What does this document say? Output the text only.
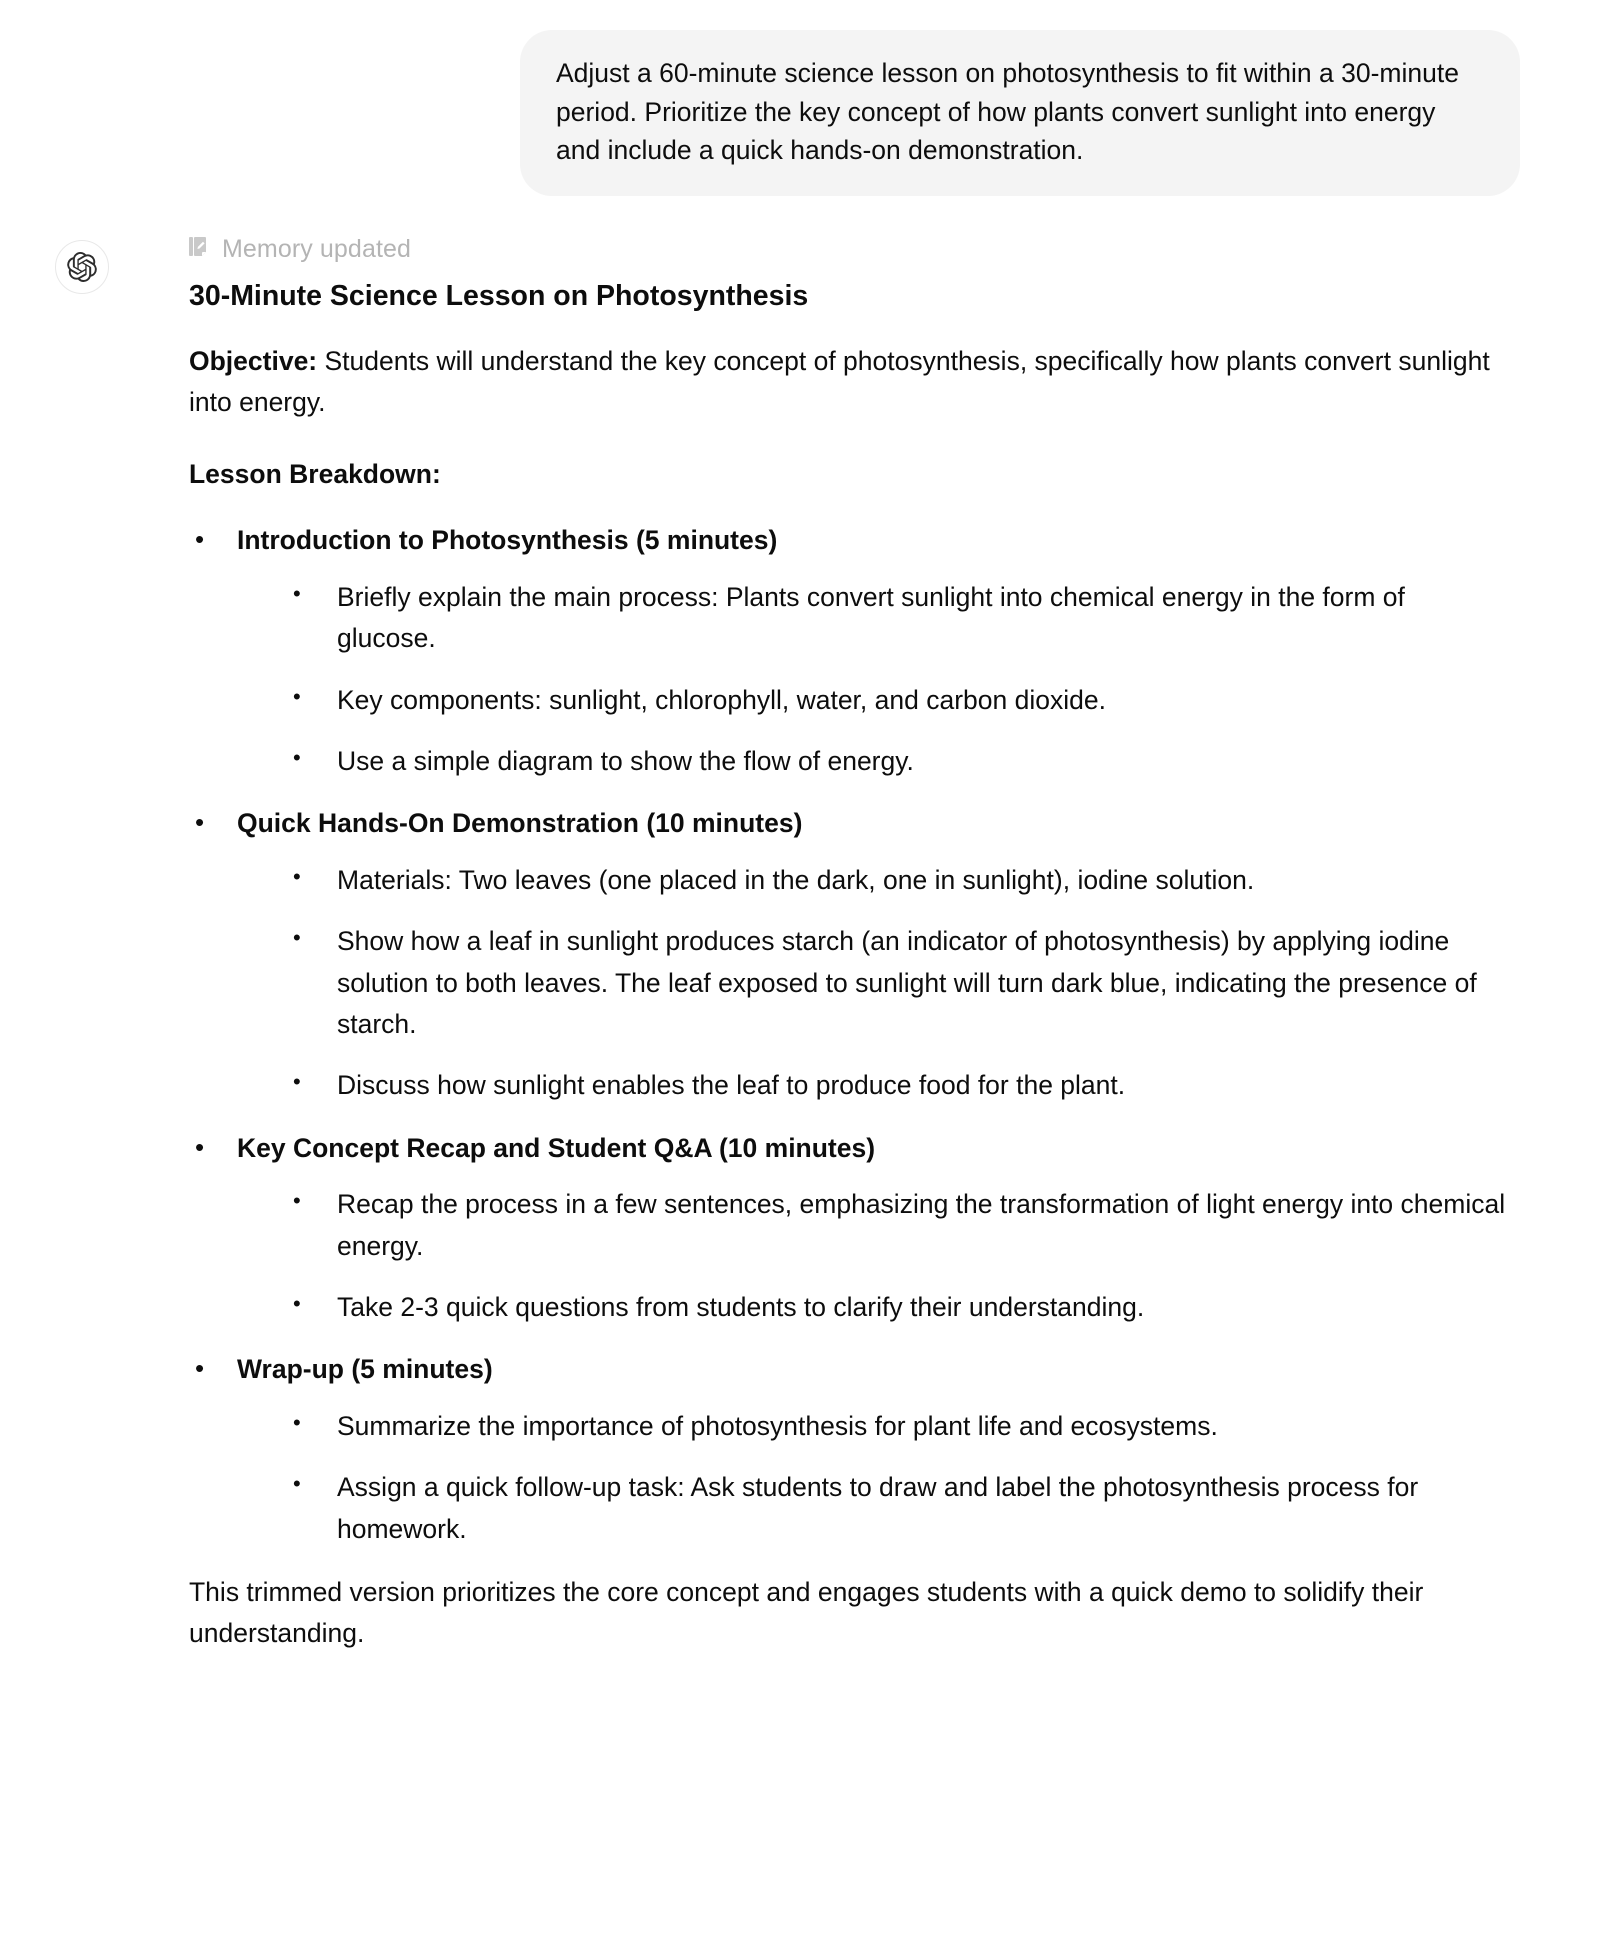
Adjust a 60-minute science lesson on photosynthesis to fit within a 30-minute period. Prioritize the key concept of how plants convert sunlight into energy and include a quick hands-on demonstration.
Memory updated
30-Minute Science Lesson on Photosynthesis

Objective: Students will understand the key concept of photosynthesis, specifically how plants convert sunlight into energy.

Lesson Breakdown:

• Introduction to Photosynthesis (5 minutes)
• Briefly explain the main process: Plants convert sunlight into chemical energy in the form of glucose.
• Key components: sunlight, chlorophyll, water, and carbon dioxide.
• Use a simple diagram to show the flow of energy.
• Quick Hands-On Demonstration (10 minutes)
• Materials: Two leaves (one placed in the dark, one in sunlight), iodine solution.
• Show how a leaf in sunlight produces starch (an indicator of photosynthesis) by applying iodine solution to both leaves. The leaf exposed to sunlight will turn dark blue, indicating the presence of starch.
• Discuss how sunlight enables the leaf to produce food for the plant.
• Key Concept Recap and Student Q&A (10 minutes)
• Recap the process in a few sentences, emphasizing the transformation of light energy into chemical energy.
• Take 2-3 quick questions from students to clarify their understanding.
• Wrap-up (5 minutes)
• Summarize the importance of photosynthesis for plant life and ecosystems.
• Assign a quick follow-up task: Ask students to draw and label the photosynthesis process for homework.

This trimmed version prioritizes the core concept and engages students with a quick demo to solidify their understanding.
